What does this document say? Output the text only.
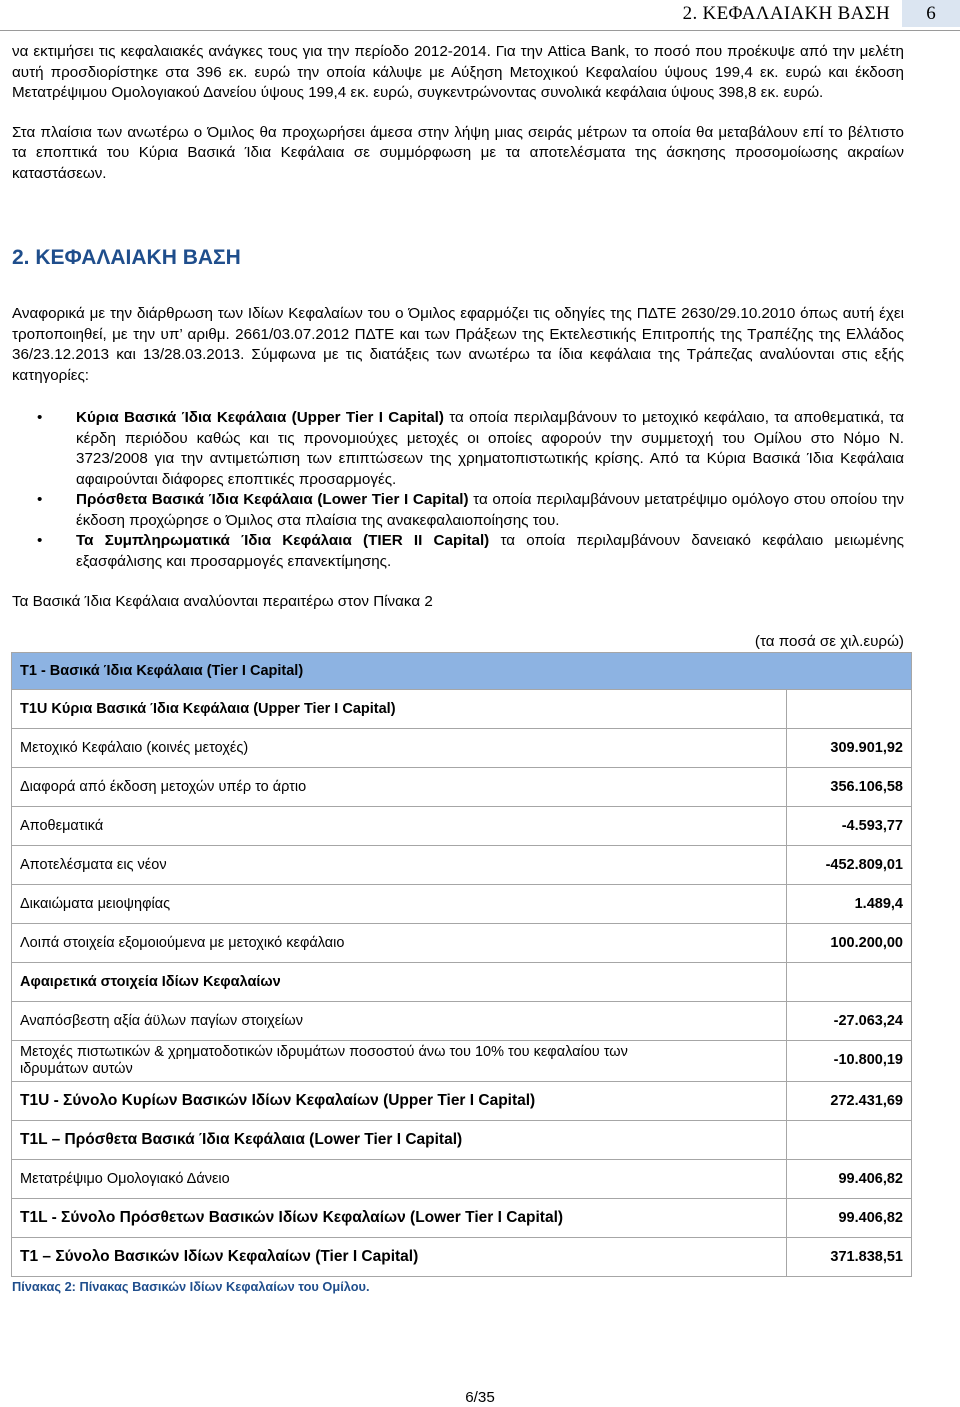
2. ΚΕΦΑΛΑΙΑΚΗ ΒΑΣΗ	6

να εκτιμήσει τις κεφαλαιακές ανάγκες τους για την περίοδο 2012-2014. Για την Attica Bank, το ποσό που προέκυψε από την μελέτη αυτή προσδιορίστηκε στα 396 εκ. ευρώ την οποία κάλυψε με Αύξηση Μετοχικού Κεφαλαίου ύψους 199,4 εκ. ευρώ και έκδοση Μετατρέψιμου Ομολογιακού Δανείου ύψους 199,4 εκ. ευρώ, συγκεντρώνοντας συνολικά κεφάλαια ύψους 398,8 εκ. ευρώ.

Στα πλαίσια των ανωτέρω ο Όμιλος θα προχωρήσει άμεσα στην λήψη μιας σειράς μέτρων τα οποία θα μεταβάλουν επί το βέλτιστο τα εποπτικά του Κύρια Βασικά Ίδια Κεφάλαια σε συμμόρφωση με τα αποτελέσματα της άσκησης προσομοίωσης ακραίων καταστάσεων.

2. ΚΕΦΑΛΑΙΑΚΗ ΒΑΣΗ

Αναφορικά με την διάρθρωση των Ιδίων Κεφαλαίων του ο Όμιλος εφαρμόζει τις οδηγίες της ΠΔΤΕ 2630/29.10.2010 όπως αυτή έχει τροποποιηθεί, με την υπ’ αριθμ. 2661/03.07.2012 ΠΔΤΕ και των Πράξεων της Εκτελεστικής Επιτροπής της Τραπέζης της Ελλάδος 36/23.12.2013 και 13/28.03.2013. Σύμφωνα με τις διατάξεις των ανωτέρω τα ίδια κεφάλαια της Τράπεζας αναλύονται στις εξής κατηγορίες:

• Κύρια Βασικά Ίδια Κεφάλαια (Upper Tier I Capital) τα οποία περιλαμβάνουν το μετοχικό κεφάλαιο, τα αποθεματικά, τα κέρδη περιόδου καθώς και τις προνομιούχες μετοχές οι οποίες αφορούν την συμμετοχή του Ομίλου στο Νόμο Ν. 3723/2008 για την αντιμετώπιση των επιπτώσεων της χρηματοπιστωτικής κρίσης. Από τα Κύρια Βασικά Ίδια Κεφάλαια αφαιρούνται διάφορες εποπτικές προσαρμογές.
• Πρόσθετα Βασικά Ίδια Κεφάλαια (Lower Tier I Capital) τα οποία περιλαμβάνουν μετατρέψιμο ομόλογο στου οποίου την έκδοση προχώρησε ο Όμιλος στα πλαίσια της ανακεφαλαιοποίησης του.
• Τα Συμπληρωματικά Ίδια Κεφάλαια (TIER II Capital) τα οποία περιλαμβάνουν δανειακό κεφάλαιο μειωμένης εξασφάλισης και προσαρμογές επανεκτίμησης.

Τα Βασικά Ίδια Κεφάλαια αναλύονται περαιτέρω στον Πίνακα 2

(τα ποσά σε χιλ.ευρώ)
Τ1 - Βασικά Ίδια Κεφάλαια (Tier I Capital)	
T1U Κύρια Βασικά Ίδια Κεφάλαια (Upper Tier I Capital)	
Μετοχικό Κεφάλαιο (κοινές μετοχές)	309.901,92
Διαφορά από έκδοση μετοχών υπέρ το άρτιο	356.106,58
Αποθεματικά	-4.593,77
Αποτελέσματα εις νέον	-452.809,01
Δικαιώματα μειοψηφίας	1.489,4
Λοιπά στοιχεία εξομοιούμενα με μετοχικό κεφάλαιο	100.200,00
Αφαιρετικά στοιχεία Ιδίων Κεφαλαίων	
Αναπόσβεστη αξία άϋλων παγίων στοιχείων	-27.063,24
Μετοχές πιστωτικών & χρηματοδοτικών ιδρυμάτων ποσοστού άνω του 10% του κεφαλαίου των ιδρυμάτων αυτών	-10.800,19
T1U - Σύνολο Κυρίων Βασικών Ιδίων Κεφαλαίων (Upper Tier I Capital)	272.431,69
T1L – Πρόσθετα Βασικά Ίδια Κεφάλαια (Lower Tier I Capital)	
Μετατρέψιμο Ομολογιακό Δάνειο	99.406,82
T1L - Σύνολο Πρόσθετων Βασικών Ιδίων Κεφαλαίων (Lower Tier I Capital)	99.406,82
Τ1 – Σύνολο Βασικών Ιδίων Κεφαλαίων (Tier I Capital)	371.838,51
Πίνακας 2: Πίνακας Βασικών Ιδίων Κεφαλαίων του Ομίλου.
6/35
